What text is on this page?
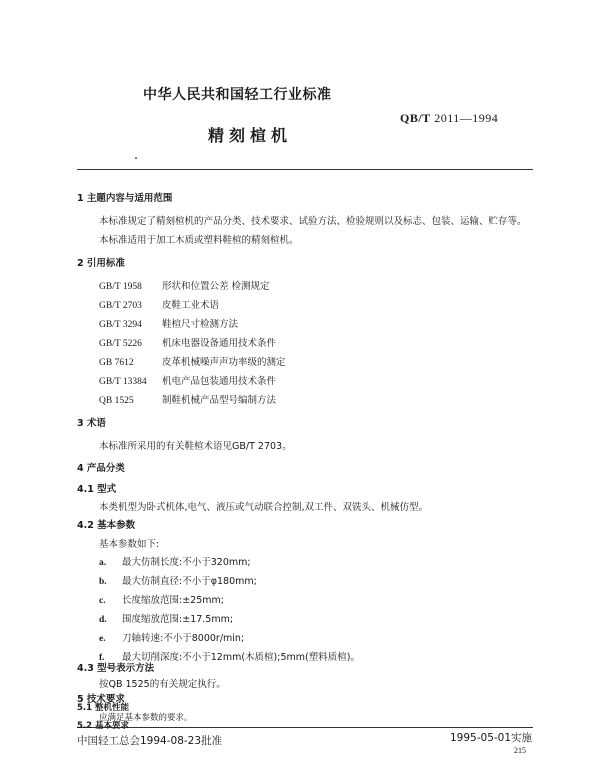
中华人民共和国轻工行业标准
QB/T 2011—1994
精刻楦机
1 主题内容与适用范围
本标准规定了精刻楦机的产品分类、技术要求、试验方法、检验规则以及标志、包装、运输、贮存等。
本标准适用于加工木质或塑料鞋楦的精刻楦机。
2 引用标准
GB/T 1958 形状和位置公差 检测规定
GB/T 2703 皮鞋工业术语
GB/T 3294 鞋楦尺寸检测方法
GB/T 5226 机床电器设备通用技术条件
GB 7612	皮革机械噪声声功率级的测定
GB/T 13384 机电产品包装通用技术条件
QB 1525	制鞋机械产品型号编制方法
3 术语
本标准所采用的有关鞋楦术语见GB/T 2703。
4 产品分类
4.1 型式
本类机型为卧式机体,电气、液压或气动联合控制,双工件、双铣头、机械仿型。
4.2 基本参数
基本参数如下:
a. 最大仿制长度:不小于320mm;
b. 最大仿制直径:不小于φ180mm;
c. 长度缩放范围:±25mm;
d. 围度缩放范围:±17.5mm;
e. 刀轴转速:不小于8000r/min;
f. 最大切削深度:不小于12mm(木质楦);5mm(塑料质楦)。
4.3 型号表示方法
按QB 1525的有关规定执行。
5 技术要求
中国轻工总会1994-08-23批准	1995-05-01实施
215
5.1 整机性能
应满足基本参数的要求。
5.2 基本要求
